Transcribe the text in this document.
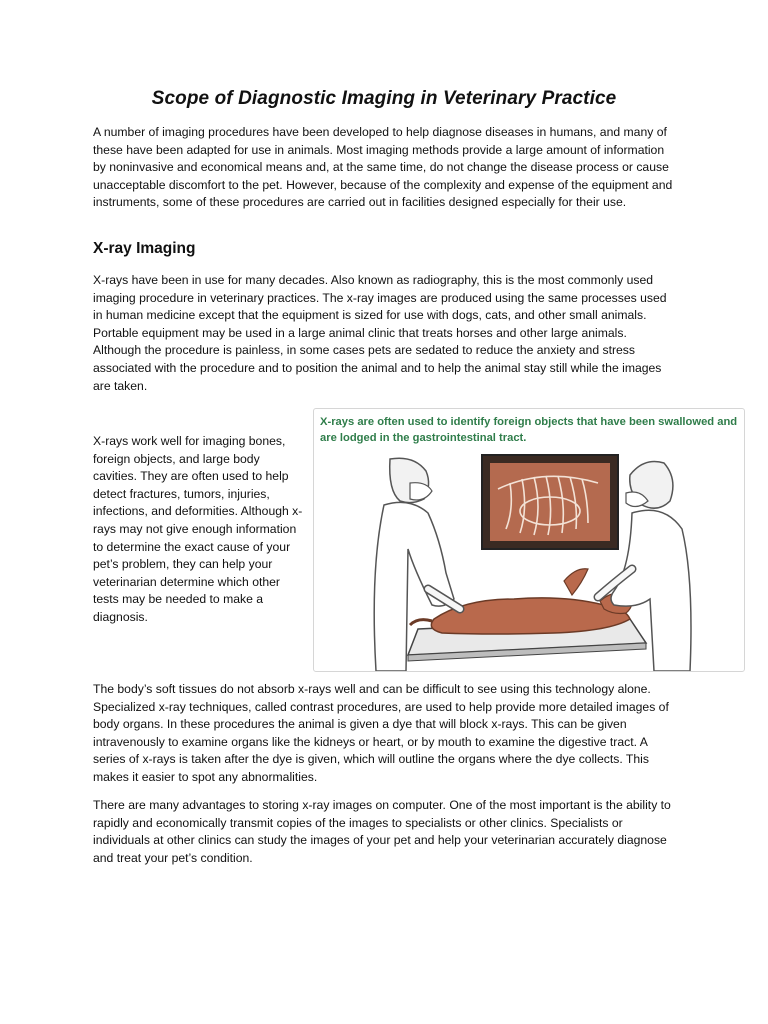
Scope of Diagnostic Imaging in Veterinary Practice
A number of imaging procedures have been developed to help diagnose diseases in humans, and many of these have been adapted for use in animals. Most imaging methods provide a large amount of information by noninvasive and economical means and, at the same time, do not change the disease process or cause unacceptable discomfort to the pet. However, because of the complexity and expense of the equipment and instruments, some of these procedures are carried out in facilities designed especially for their use.
X-ray Imaging
X-rays have been in use for many decades. Also known as radiography, this is the most commonly used imaging procedure in veterinary practices. The x-ray images are produced using the same processes used in human medicine except that the equipment is sized for use with dogs, cats, and other small animals. Portable equipment may be used in a large animal clinic that treats horses and other large animals. Although the procedure is painless, in some cases pets are sedated to reduce the anxiety and stress associated with the procedure and to position the animal and to help the animal stay still while the images are taken.
X-rays work well for imaging bones, foreign objects, and large body cavities. They are often used to help detect fractures, tumors, injuries, infections, and deformities. Although x-rays may not give enough information to determine the exact cause of your pet’s problem, they can help your veterinarian determine which other tests may be needed to make a diagnosis.
X-rays are often used to identify foreign objects that have been swallowed and are lodged in the gastrointestinal tract.
The body’s soft tissues do not absorb x-rays well and can be difficult to see using this technology alone. Specialized x-ray techniques, called contrast procedures, are used to help provide more detailed images of body organs. In these procedures the animal is given a dye that will block x-rays. This can be given intravenously to examine organs like the kidneys or heart, or by mouth to examine the digestive tract. A series of x-rays is taken after the dye is given, which will outline the organs where the dye collects. This makes it easier to spot any abnormalities.
There are many advantages to storing x-ray images on computer. One of the most important is the ability to rapidly and economically transmit copies of the images to specialists or other clinics. Specialists or individuals at other clinics can study the images of your pet and help your veterinarian accurately diagnose and treat your pet’s condition.
